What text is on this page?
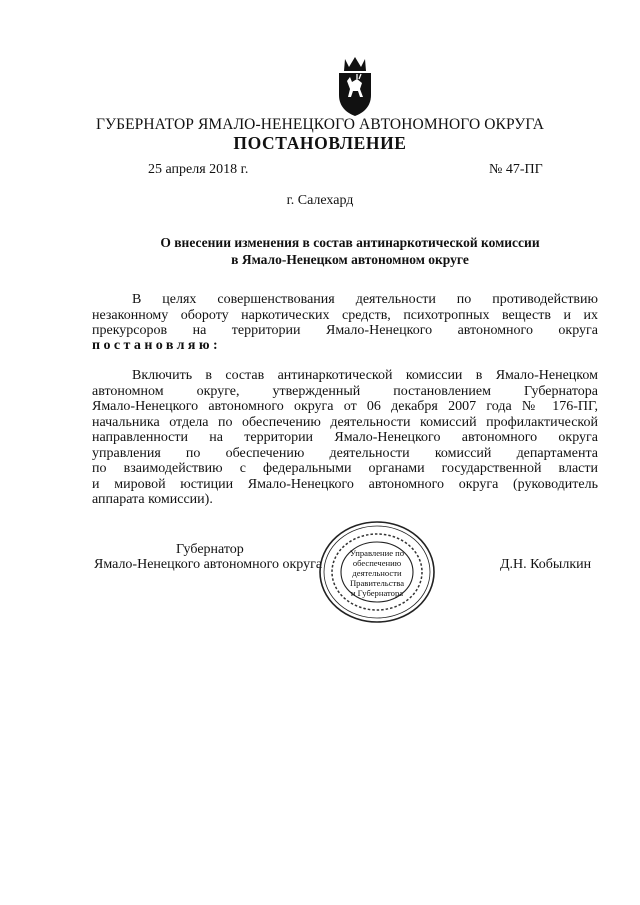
ГУБЕРНАТОР ЯМАЛО-НЕНЕЦКОГО АВТОНОМНОГО ОКРУГА
ПОСТАНОВЛЕНИЕ
25 апреля 2018 г.	№ 47-ПГ
г. Салехард
О внесении изменения в состав антинаркотической комиссии
в Ямало-Ненецком автономном округе
В целях совершенствования деятельности по противодействию
незаконному обороту наркотических средств, психотропных веществ и их
прекурсоров на территории Ямало-Ненецкого автономного округа
постановляю:
Включить в состав антинаркотической комиссии в Ямало-Ненецком
автономном округе, утвержденный постановлением Губернатора
Ямало-Ненецкого автономного округа от 06 декабря 2007 года № 176-ПГ,
начальника отдела по обеспечению деятельности комиссий профилактической
направленности на территории Ямало-Ненецкого автономного округа
управления по обеспечению деятельности комиссий департамента
по взаимодействию с федеральными органами государственной власти
и мировой юстиции Ямало-Ненецкого автономного округа (руководитель
аппарата комиссии).
Губернатор
Ямало-Ненецкого автономного округа	Д.Н. Кобылкин
Управление по
обеспечению
деятельности
Правительства
и Губернатора
